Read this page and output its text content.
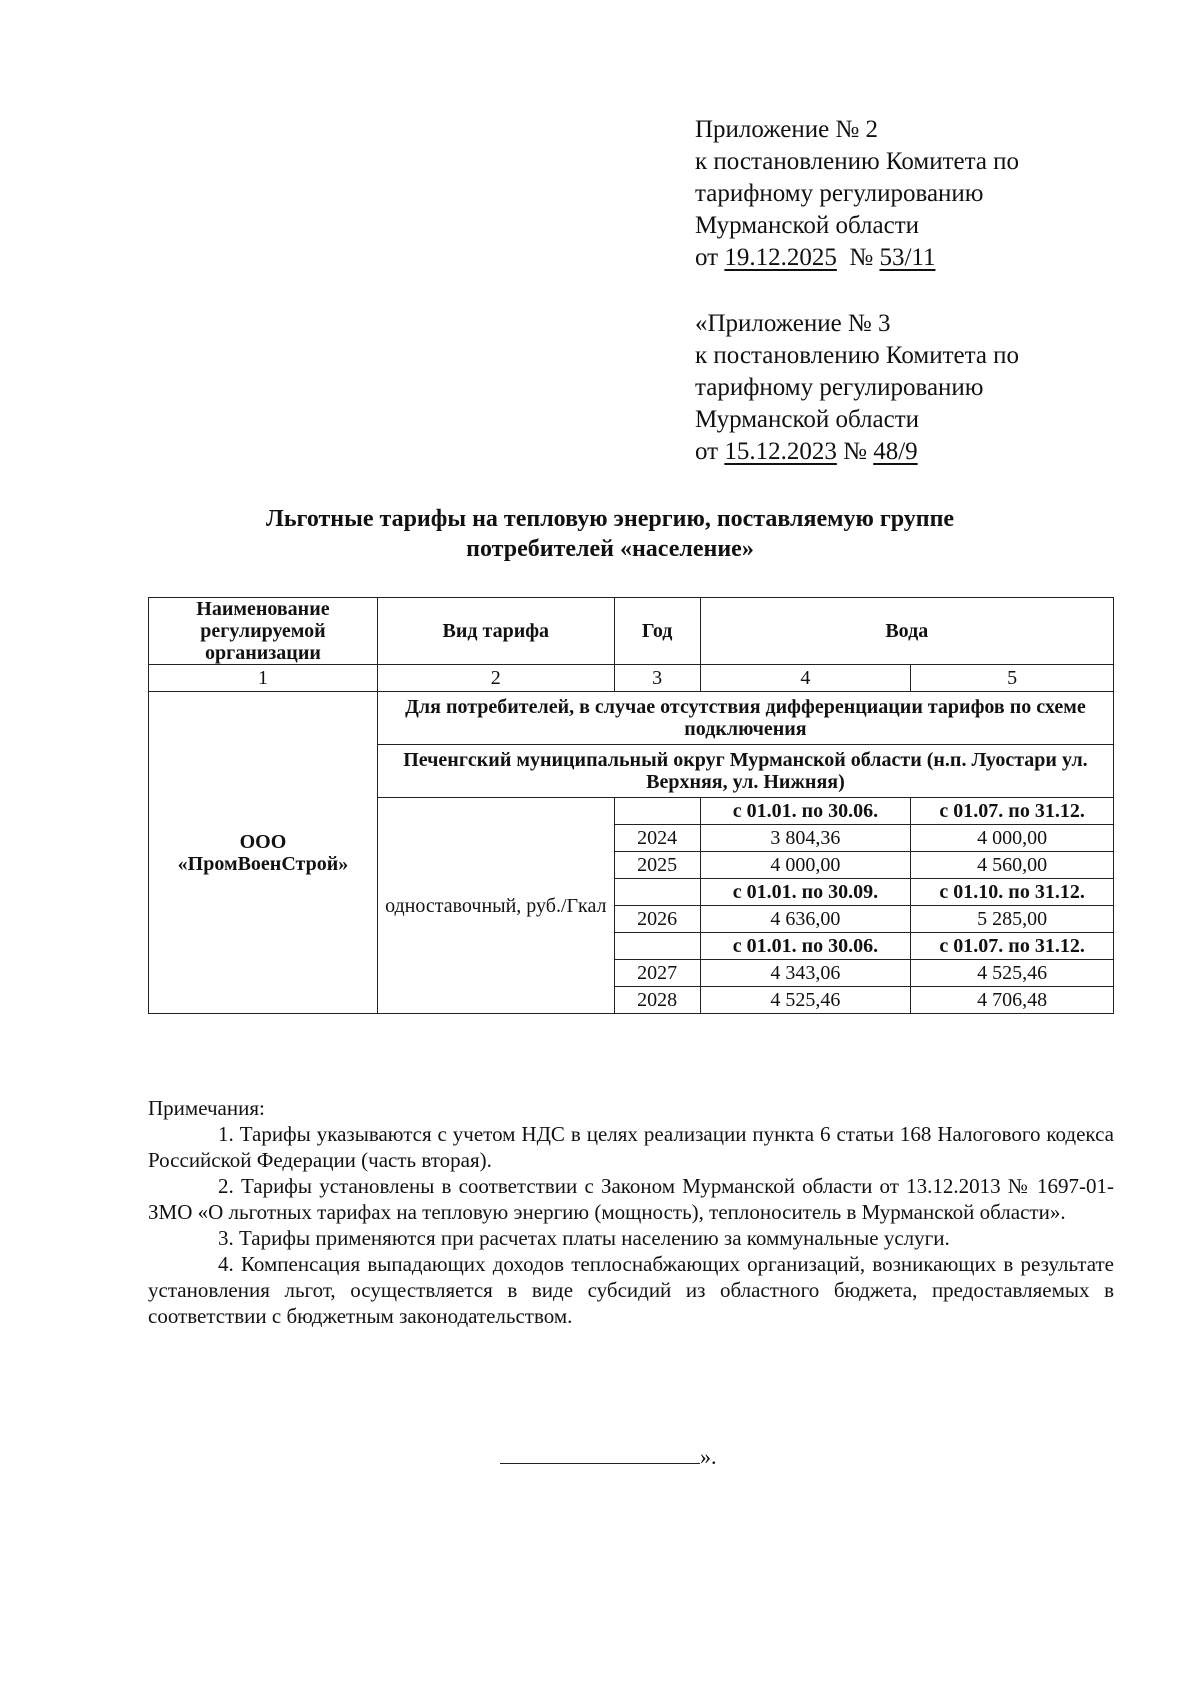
Приложение № 2
к постановлению Комитета по
тарифному регулированию
Мурманской области
от 19.12.2025  № 53/11
«Приложение № 3
к постановлению Комитета по
тарифному регулированию
Мурманской области
от 15.12.2023 № 48/9
Льготные тарифы на тепловую энергию, поставляемую группе
потребителей «население»
Наименование регулируемой организации	Вид тарифа	Год	Вода	
1	2	3	4	5
ООО «ПромВоенСтрой»	Для потребителей, в случае отсутствия дифференциации тарифов по схеме подключения			
	Печенгский муниципальный округ Мурманской области (н.п. Луостари ул. Верхняя, ул. Нижняя)			
	одноставочный, руб./Гкал		с 01.01. по 30.06.	с 01.07. по 31.12.
		2024	3 804,36	4 000,00
		2025	4 000,00	4 560,00
			с 01.01. по 30.09.	с 01.10. по 31.12.
		2026	4 636,00	5 285,00
			с 01.01. по 30.06.	с 01.07. по 31.12.
		2027	4 343,06	4 525,46
		2028	4 525,46	4 706,48

Примечания:

1. Тарифы указываются с учетом НДС в целях реализации пункта 6 статьи 168 Налогового кодекса Российской Федерации (часть вторая).

2. Тарифы установлены в соответствии с Законом Мурманской области от 13.12.2013 № 1697-01-ЗМО «О льготных тарифах на тепловую энергию (мощность), теплоноситель в Мурманской области».

3. Тарифы применяются при расчетах платы населению за коммунальные услуги.

4. Компенсация выпадающих доходов теплоснабжающих организаций, возникающих в результате установления льгот, осуществляется в виде субсидий из областного бюджета, предоставляемых в соответствии с бюджетным законодательством.

».
